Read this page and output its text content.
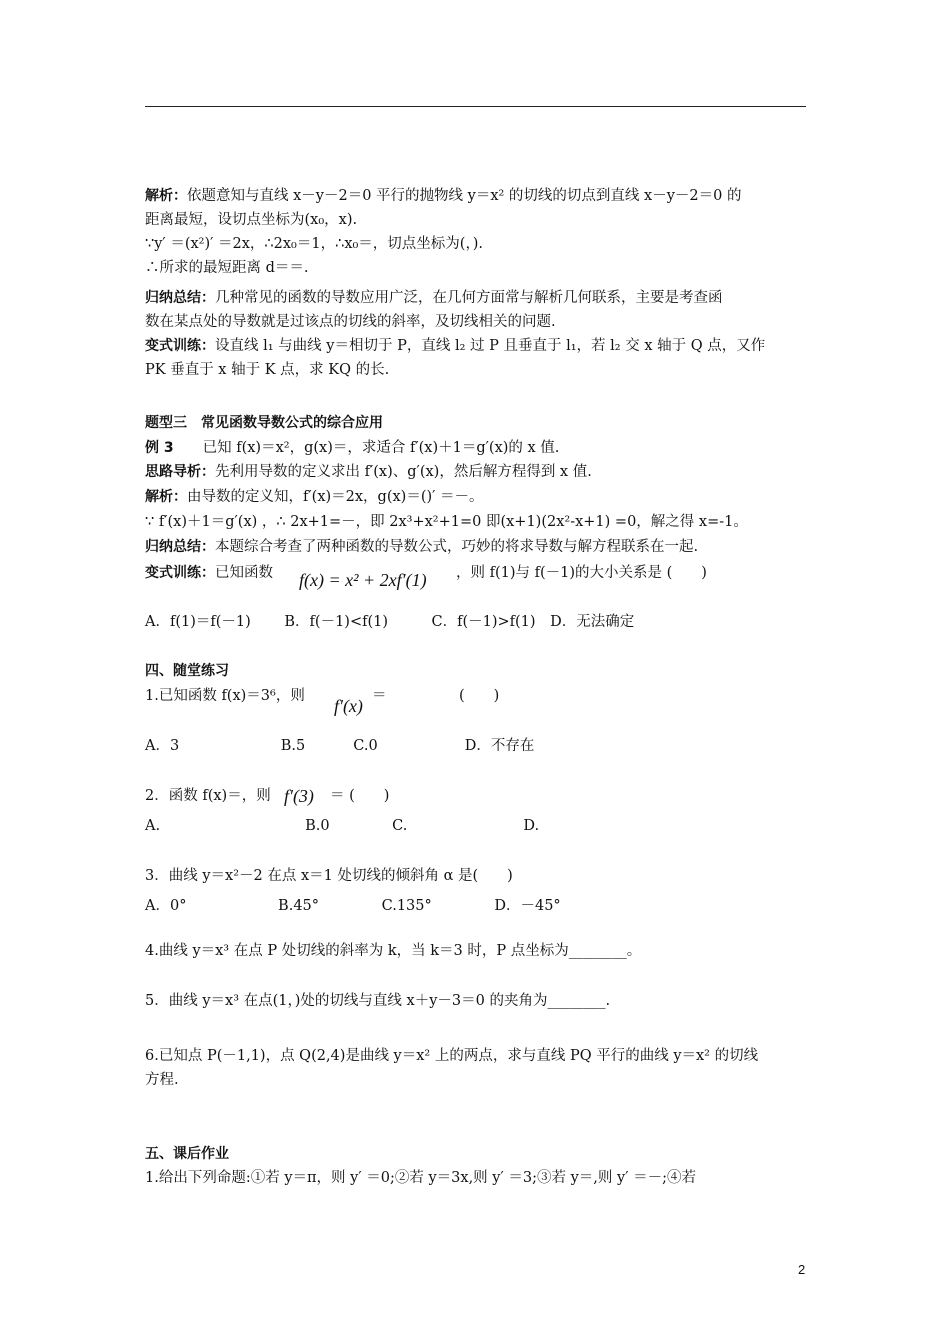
解析：依题意知与直线 x－y－2＝0 平行的抛物线 y＝x² 的切线的切点到直线 x－y－2＝0 的
距离最短，设切点坐标为(x₀，x).
∵y′ ＝(x²)′ ＝2x，∴2x₀＝1，∴x₀＝，切点坐标为(，).
∴所求的最短距离 d＝＝.
归纳总结：几种常见的函数的导数应用广泛，在几何方面常与解析几何联系，主要是考查函
数在某点处的导数就是过该点的切线的斜率，及切线相关的问题.
变式训练：设直线 l₁ 与曲线 y＝相切于 P，直线 l₂ 过 P 且垂直于 l₁，若 l₂ 交 x 轴于 Q 点，又作
PK 垂直于 x 轴于 K 点，求 KQ 的长.
题型三　常见函数导数公式的综合应用
例 3　　已知 f(x)＝x²，g(x)＝，求适合 f′(x)＋1＝g′(x)的 x 值.
思路导析：先利用导数的定义求出 f′(x)、g′(x)，然后解方程得到 x 值.
解析：由导数的定义知，f′(x)＝2x，g(x)＝()′ ＝－。
∵ f′(x)＋1＝g′(x) ，∴ 2x+1=－，即 2x³+x²+1=0 即(x+1)(2x²-x+1) =0，解之得 x=-1。
归纳总结：本题综合考查了两种函数的导数公式，巧妙的将求导数与解方程联系在一起.
变式训练：已知函数
A．f(1)＝f(－1)　　 B．f(－1)<f(1)　　　C．f(－1)>f(1)　D．无法确定
四、随堂练习
1.已知函数 f(x)＝3⁶，则
A．3　　　　　　　B.5　　　 C.0　　　　　　D．不存在
2．函数 f(x)＝，则
A.　　　　　　　　　　B.0　　　　 C.　　　　　　　　D.
3．曲线 y＝x²－2 在点 x＝1 处切线的倾斜角 α 是(　　)
A．0°　　　　　　 B.45°　　　　 C.135°　　　　 D．－45°
4.曲线 y＝x³ 在点 P 处切线的斜率为 k，当 k＝3 时，P 点坐标为________。
5．曲线 y＝x³ 在点(1，)处的切线与直线 x＋y－3＝0 的夹角为________.
6.已知点 P(－1,1)，点 Q(2,4)是曲线 y＝x² 上的两点，求与直线 PQ 平行的曲线 y＝x² 的切线
方程.
五、课后作业
1.给出下列命题:①若 y＝π，则 y′ ＝0;②若 y＝3x,则 y′ ＝3;③若 y＝,则 y′ ＝－;④若
f(x) = x² + 2xf′(1) ，则 f(1)与 f(－1)的大小关系是 (　　)
f′(x) ＝　　　　　(　　)
f′(3) ＝ (　　)
2
